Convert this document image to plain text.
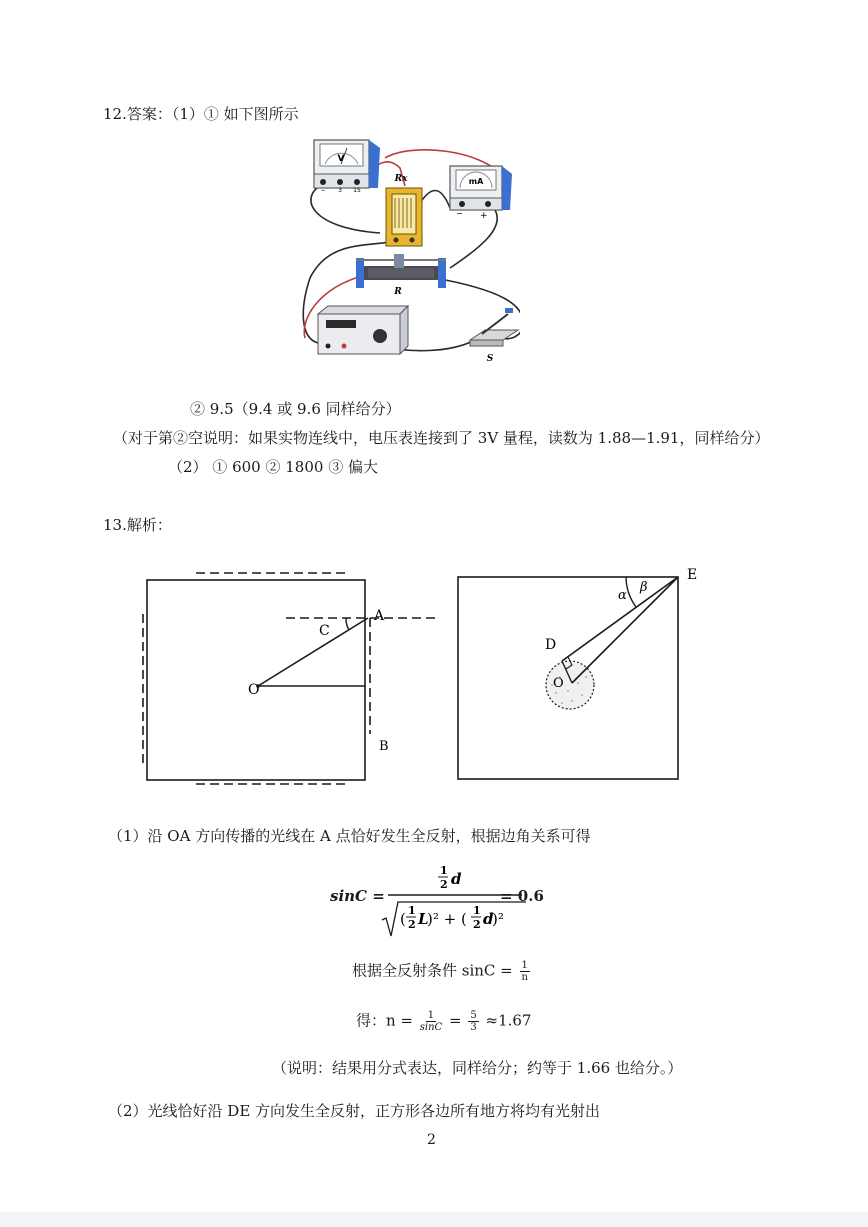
12.答案：（1）① 如下图所示
V
− 3 15
Rx	mA
− +
R
S
② 9.5（9.4 或 9.6 同样给分）
（对于第②空说明：如果实物连线中，电压表连接到了 3V 量程，读数为 1.88—1.91，同样给分）
（2） ① 600 ② 1800 ③ 偏大
13.解析：
A
B
C
O
E
D
O
α
β
（1）沿 OA 方向传播的光线在 A 点恰好发生全反射，根据边角关系可得
sinC =
1
2 d
( 1
2 L
)² + ( 1
2 d
)²
= 0.6
根据全反射条件 $\sin C = \frac{1}{n}$
得：$n = \frac{1}{\sin C} = \frac{5}{3} \approx 1.67$
（说明：结果用分式表达，同样给分；约等于 1.66 也给分。）
（2）光线恰好沿 DE 方向发生全反射，正方形各边所有地方将均有光射出
2
